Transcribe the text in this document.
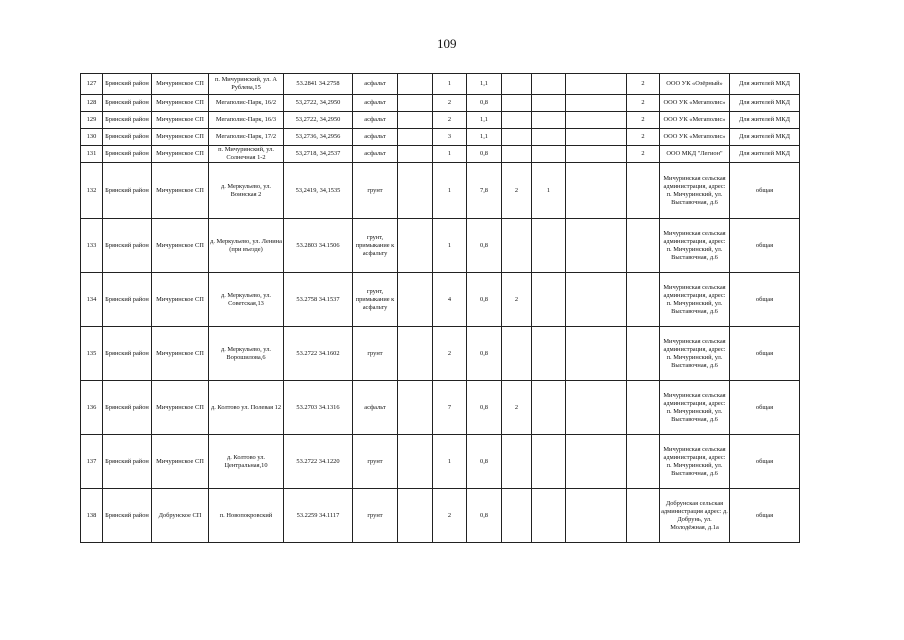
109
127	Брянский район	Мичуринское СП	п. Мичуринский, ул. А Рублева,15	53.2841 34.2758	асфальт		1	1,1				2	ООО УК «Озёрный»	Для жителей МКД
128	Брянский район	Мичуринское СП	Мегаполис-Парк, 16/2	53,2722, 34,2950	асфальт		2	0,8				2	ООО УК «Мегаполис»	Для жителей МКД
129	Брянский район	Мичуринское СП	Мегаполис-Парк, 16/3	53,2722, 34,2950	асфальт		2	1,1				2	ООО УК «Мегаполис»	Для жителей МКД
130	Брянский район	Мичуринское СП	Мегаполис-Парк, 17/2	53,2736, 34,2956	асфальт		3	1,1				2	ООО УК «Мегаполис»	Для жителей МКД
131	Брянский район	Мичуринское СП	п. Мичуринский, ул. Солнечная 1-2	53,2718, 34,2537	асфальт		1	0,8				2	ООО МКД "Легион"	Для жителей МКД
132	Брянский район	Мичуринское СП	д. Меркульево, ул. Воинская 2	53,2419, 34,1535	грунт		1	7,8	2	1			Мичуринская сельская администрация, адрес: п. Мичуринский, ул. Выставочная, д.6	общая
133	Брянский район	Мичуринское СП	д. Меркульево, ул. Ленина (при въезде)	53.2803 34.1506	грунт, примыкание к асфальту		1	0,8					Мичуринская сельская администрация, адрес: п. Мичуринский, ул. Выставочная, д.6	общая
134	Брянский район	Мичуринское СП	д. Меркульево, ул. Советская,13	53.2758 34.1537	грунт, примыкание к асфальту		4	0,8	2				Мичуринская сельская администрация, адрес: п. Мичуринский, ул. Выставочная, д.6	общая
135	Брянский район	Мичуринское СП	д. Меркульево, ул. Ворошилова,6	53.2722 34.1602	грунт		2	0,8					Мичуринская сельская администрация, адрес: п. Мичуринский, ул. Выставочная, д.6	общая
136	Брянский район	Мичуринское СП	д. Колтово ул. Полевая 12	53.2703 34.1316	асфальт		7	0,8	2				Мичуринская сельская администрация, адрес: п. Мичуринский, ул. Выставочная, д.6	общая
137	Брянский район	Мичуринское СП	д. Колтово ул. Центральная,10	53.2722 34.1220	грунт		1	0,8					Мичуринская сельская администрация, адрес: п. Мичуринский, ул. Выставочная, д.6	общая
138	Брянский район	Добрунское СП	п. Новопокровский	53.2259 34.1117	грунт		2	0,8					Добрунская сельская администрация адрес: д. Добрунь, ул. Молодёжная, д.1а	общая
